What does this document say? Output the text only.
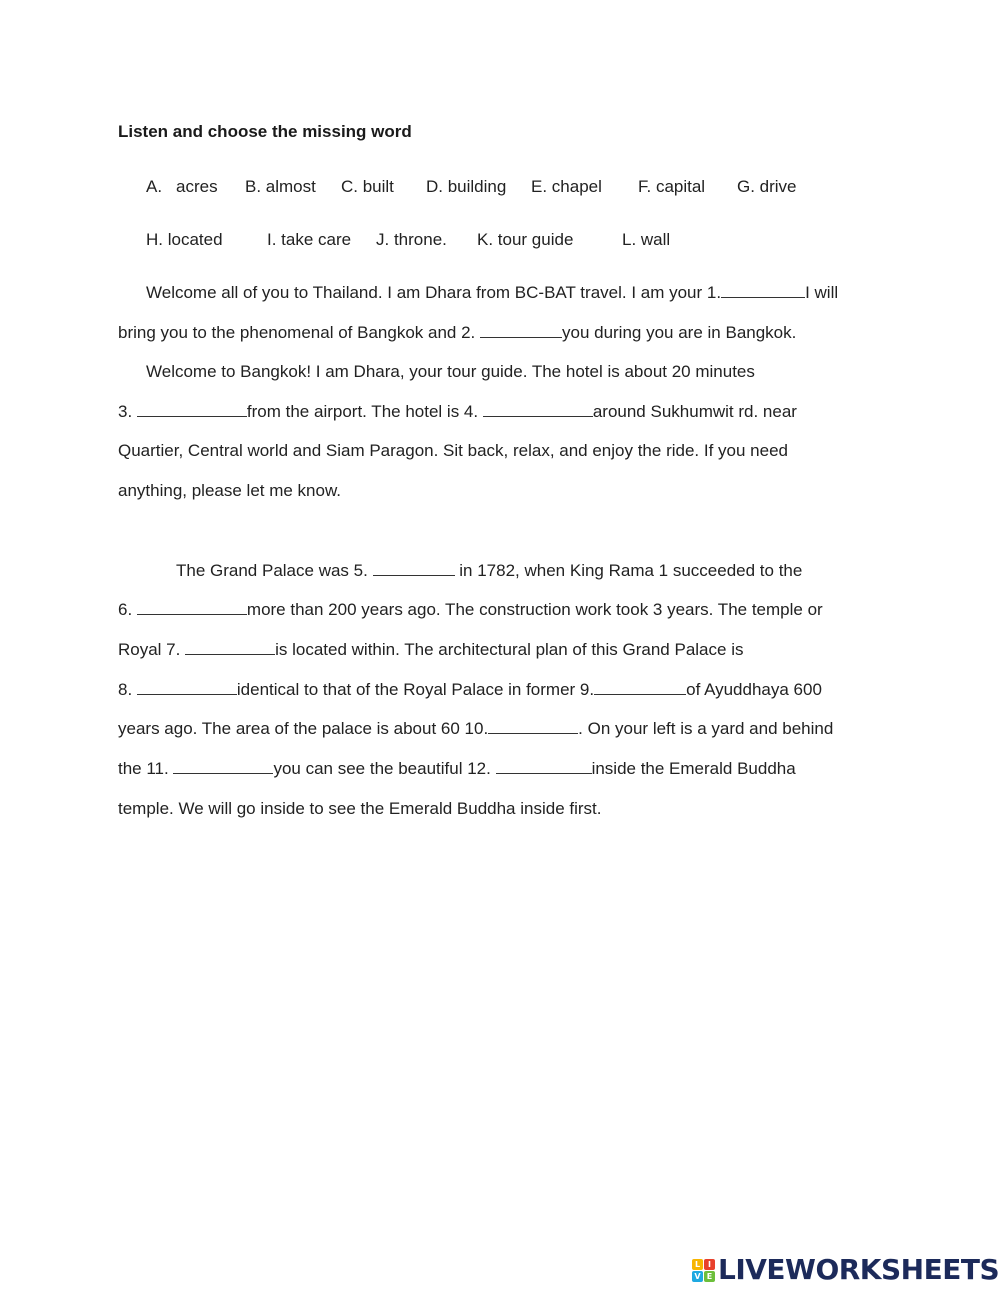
Listen and choose the missing word
A. acres B. almost C. built D. building E. chapel F. capital G. drive
H. located	I. take care J. throne. K. tour guide	L. wall
Welcome all of you to Thailand. I am Dhara from BC-BAT travel. I am your 1.	I will
bring you to the phenomenal of Bangkok and 2.	you during you are in Bangkok.
Welcome to Bangkok! I am Dhara, your tour guide. The hotel is about 20 minutes
3.	from the airport. The hotel is 4.	around Sukhumwit rd. near
Quartier, Central world and Siam Paragon. Sit back, relax, and enjoy the ride. If you need
anything, please let me know.
The Grand Palace was 5.	in 1782, when King Rama 1 succeeded to the
6.	more than 200 years ago. The construction work took 3 years. The temple or
Royal 7.	is located within. The architectural plan of this Grand Palace is
8.	identical to that of the Royal Palace in former 9.	of Ayuddhaya 600
years ago. The area of the palace is about 60 10.	. On your left is a yard and behind
the 11.	you can see the beautiful 12.	inside the Emerald Buddha
temple. We will go inside to see the Emerald Buddha inside first.
L I
V E LIVEWORKSHEETS
